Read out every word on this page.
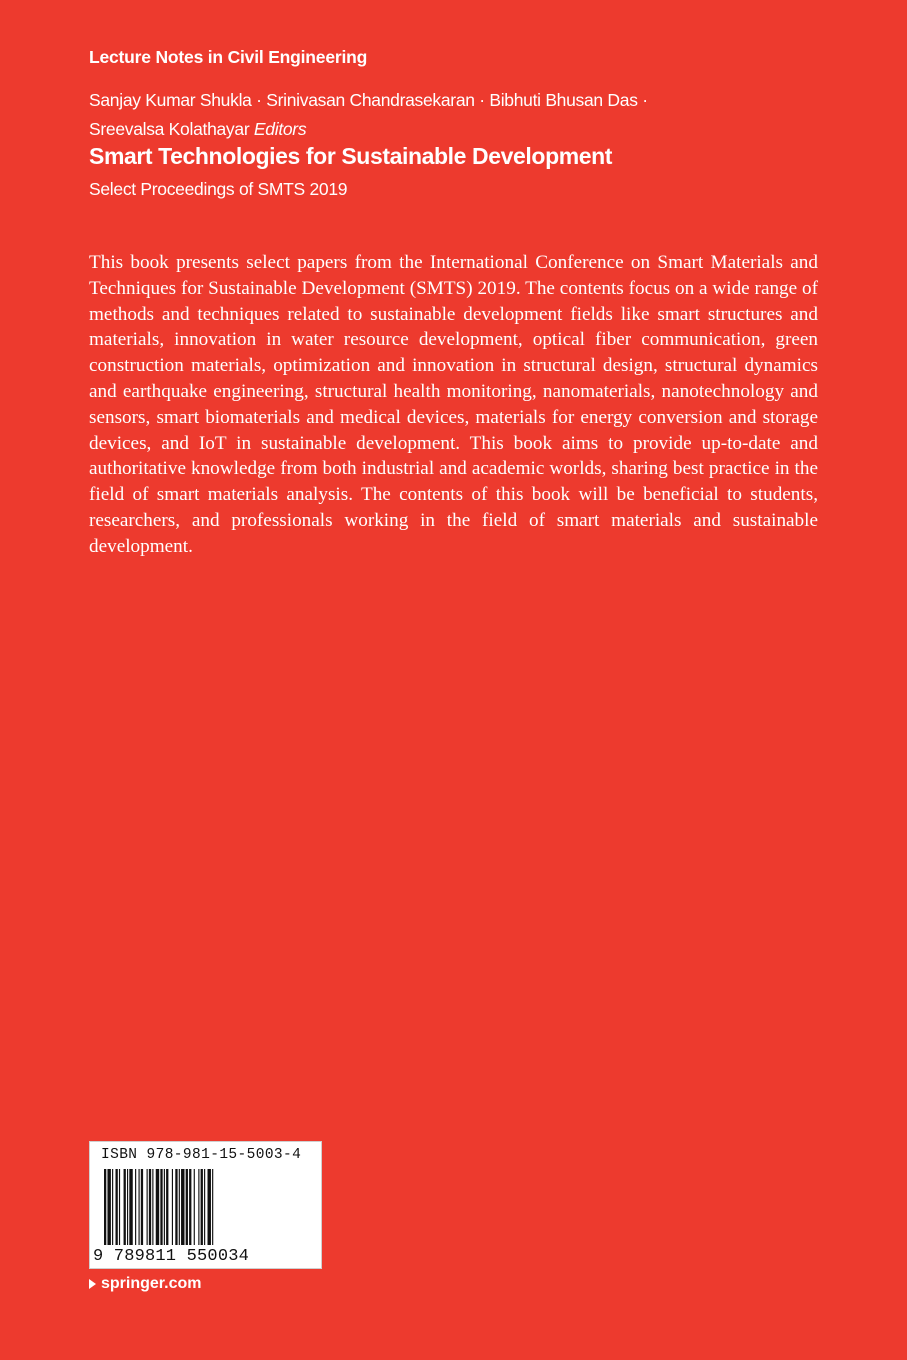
Lecture Notes in Civil Engineering
Sanjay Kumar Shukla · Srinivasan Chandrasekaran · Bibhuti Bhusan Das ·
Sreevalsa Kolathayar Editors
Smart Technologies for Sustainable Development
Select Proceedings of SMTS 2019

This book presents select papers from the International Conference on Smart Materials and Techniques for Sustainable Development (SMTS) 2019. The contents focus on a wide range of methods and techniques related to sustainable development fields like smart structures and materials, innovation in water resource development, optical fiber communication, green construction materials, optimization and innovation in structural design, structural dynamics and earthquake engineering, structural health monitoring, nanomaterials, nanotechnology and sensors, smart biomaterials and medical devices, materials for energy conversion and storage devices, and IoT in sustainable development. This book aims to provide up-to-date and authoritative knowledge from both industrial and academic worlds, sharing best practice in the field of smart materials analysis. The contents of this book will be beneficial to students, researchers, and professionals working in the field of smart materials and sustainable development.

ISBN 978-981-15-5003-4
9 789811 550034
springer.com
